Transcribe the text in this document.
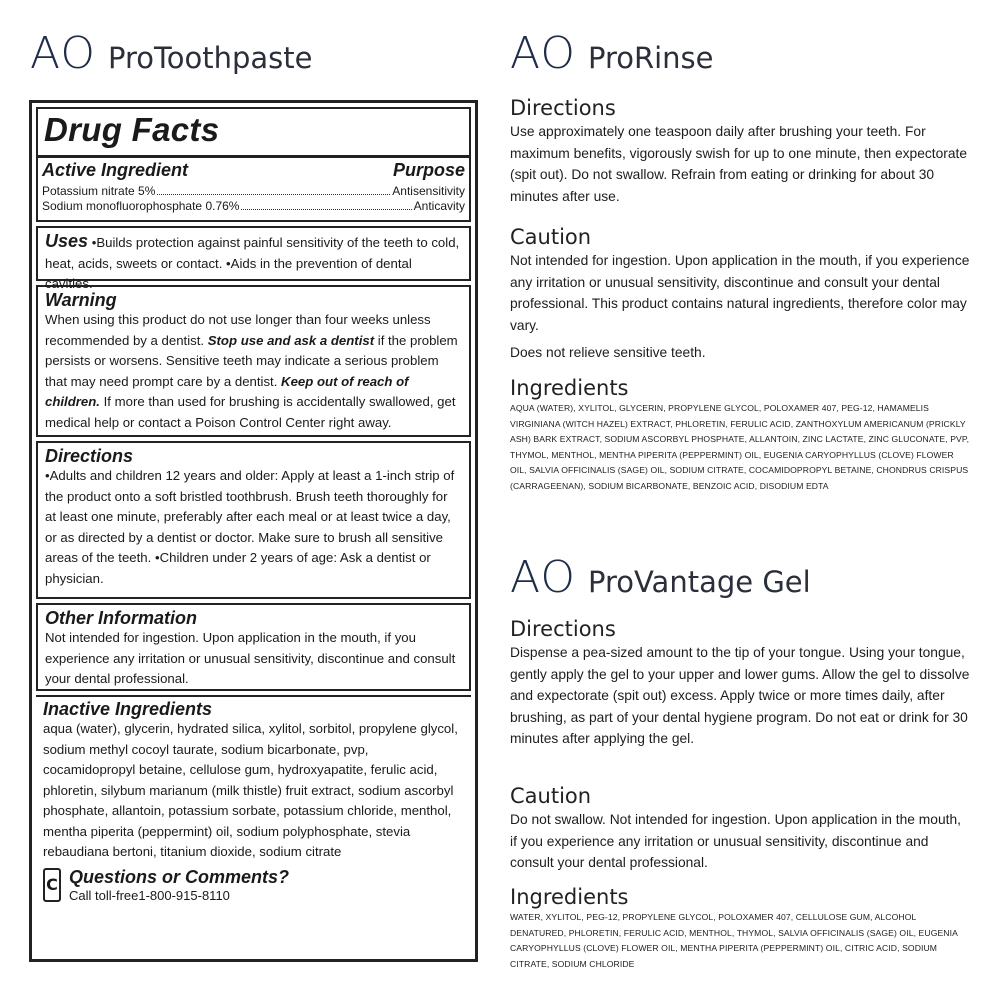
AO ProToothpaste
Drug Facts
Active Ingredient	Purpose
Potassium nitrate 5%	Antisensitivity
Sodium monofluorophosphate 0.76%	Anticavity
Uses •Builds protection against painful sensitivity of the teeth to cold, heat, acids, sweets or contact. •Aids in the prevention of dental cavities.
Warning
When using this product do not use longer than four weeks unless recommended by a dentist. Stop use and ask a dentist if the problem persists or worsens. Sensitive teeth may indicate a serious problem that may need prompt care by a dentist. Keep out of reach of children. If more than used for brushing is accidentally swallowed, get medical help or contact a Poison Control Center right away.
Directions
•Adults and children 12 years and older: Apply at least a 1-inch strip of the product onto a soft bristled toothbrush. Brush teeth thoroughly for at least one minute, preferably after each meal or at least twice a day, or as directed by a dentist or doctor. Make sure to brush all sensitive areas of the teeth. •Children under 2 years of age: Ask a dentist or physician.
Other Information
Not intended for ingestion. Upon application in the mouth, if you experience any irritation or unusual sensitivity, discontinue and consult your dental professional.
Inactive Ingredients
aqua (water), glycerin, hydrated silica, xylitol, sorbitol, propylene glycol, sodium methyl cocoyl taurate, sodium bicarbonate, pvp, cocamidopropyl betaine, cellulose gum, hydroxyapatite, ferulic acid, phloretin, silybum marianum (milk thistle) fruit extract, sodium ascorbyl phosphate, allantoin, potassium sorbate, potassium chloride, menthol, mentha piperita (peppermint) oil, sodium polyphosphate, stevia rebaudiana bertoni, titanium dioxide, sodium citrate
C Questions or Comments?
Call toll-free1-800-915-8110
AO ProRinse
Directions

Use approximately one teaspoon daily after brushing your teeth. For maximum benefits, vigorously swish for up to one minute, then expectorate (spit out). Do not swallow. Refrain from eating or drinking for about 30 minutes after use.

Caution

Not intended for ingestion. Upon application in the mouth, if you experience any irritation or unusual sensitivity, discontinue and consult your dental professional. This product contains natural ingredients, therefore color may vary.

Does not relieve sensitive teeth.

Ingredients

AQUA (WATER), XYLITOL, GLYCERIN, PROPYLENE GLYCOL, POLOXAMER 407, PEG-12, HAMAMELIS VIRGINIANA (WITCH HAZEL) EXTRACT, PHLORETIN, FERULIC ACID, ZANTHOXYLUM AMERICANUM (PRICKLY ASH) BARK EXTRACT, SODIUM ASCORBYL PHOSPHATE, ALLANTOIN, ZINC LACTATE, ZINC GLUCONATE, PVP, THYMOL, MENTHOL, MENTHA PIPERITA (PEPPERMINT) OIL, EUGENIA CARYOPHYLLUS (CLOVE) FLOWER OIL, SALVIA OFFICINALIS (SAGE) OIL, SODIUM CITRATE, COCAMIDOPROPYL BETAINE, CHONDRUS CRISPUS (CARRAGEENAN), SODIUM BICARBONATE, BENZOIC ACID, DISODIUM EDTA

AO ProVantage Gel
Directions

Dispense a pea-sized amount to the tip of your tongue. Using your tongue, gently apply the gel to your upper and lower gums. Allow the gel to dissolve and expectorate (spit out) excess. Apply twice or more times daily, after brushing, as part of your dental hygiene program. Do not eat or drink for 30 minutes after applying the gel.

Caution

Do not swallow. Not intended for ingestion. Upon application in the mouth, if you experience any irritation or unusual sensitivity, discontinue and consult your dental professional.

Ingredients

WATER, XYLITOL, PEG-12, PROPYLENE GLYCOL, POLOXAMER 407, CELLULOSE GUM, ALCOHOL DENATURED, PHLORETIN, FERULIC ACID, MENTHOL, THYMOL, SALVIA OFFICINALIS (SAGE) OIL, EUGENIA CARYOPHYLLUS (CLOVE) FLOWER OIL, MENTHA PIPERITA (PEPPERMINT) OIL, CITRIC ACID, SODIUM CITRATE, SODIUM CHLORIDE
